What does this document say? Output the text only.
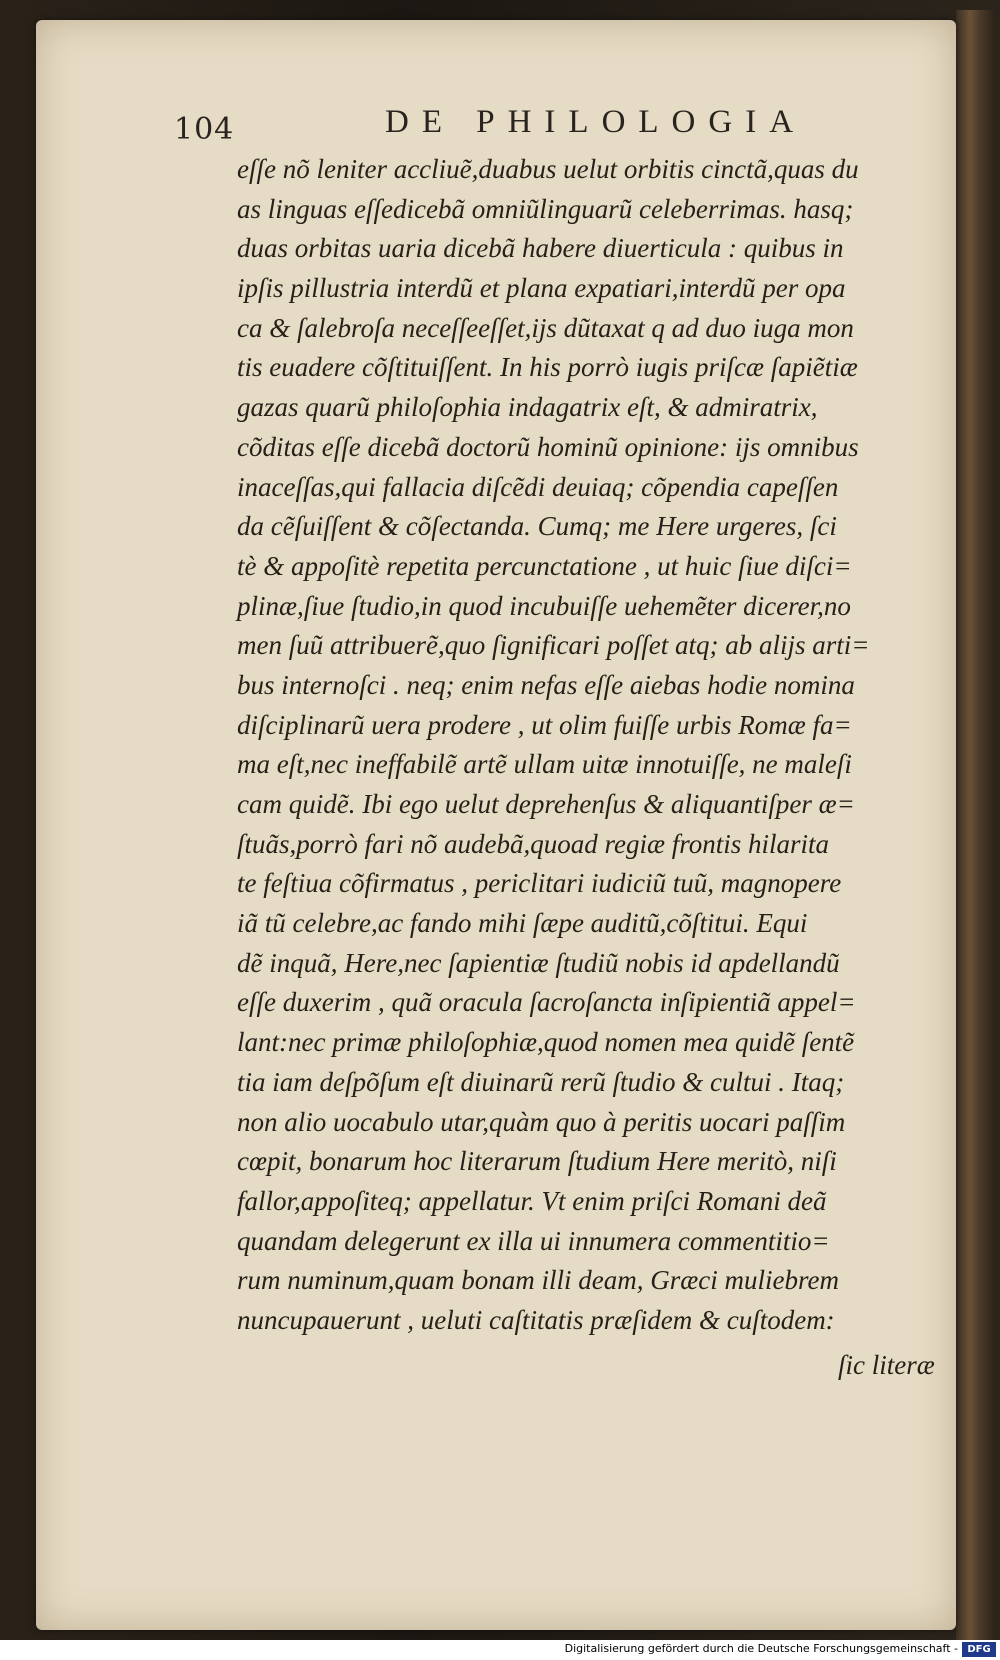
104	DE PHILOLOGIA
eſſe nõ leniter accliuẽ,duabus uelut orbitis cinctã,quas du
as linguas eſſedicebã omniũlinguarũ celeberrimas. hasq;
duas orbitas uaria dicebã habere diuerticula : quibus in
ipſis pillustria interdũ et plana expatiari,interdũ per opa
ca & ſalebroſa neceſſeeſſet,ijs dũtaxat q ad duo iuga mon
tis euadere cõſtituiſſent. In his porrò iugis priſcæ ſapiẽtiæ
gazas quarũ philoſophia indagatrix eſt, & admiratrix,
cõditas eſſe dicebã doctorũ hominũ opinione: ijs omnibus
inaceſſas,qui fallacia diſcẽdi deuiaq; cõpendia capeſſen
da cẽſuiſſent & cõſectanda. Cumq; me Here urgeres, ſci
tè & appoſitè repetita percunctatione , ut huic ſiue diſci=
plinæ,ſiue ſtudio,in quod incubuiſſe uehemẽter dicerer,no
men ſuũ attribuerẽ,quo ſignificari poſſet atq; ab alijs arti=
bus internoſci . neq; enim nefas eſſe aiebas hodie nomina
diſciplinarũ uera prodere , ut olim fuiſſe urbis Romæ fa=
ma eſt,nec ineffabilẽ artẽ ullam uitæ innotuiſſe, ne maleſi
cam quidẽ. Ibi ego uelut deprehenſus & aliquantiſper æ=
ſtuãs,porrò fari nõ audebã,quoad regiæ frontis hilarita
te feſtiua cõfirmatus , periclitari iudiciũ tuũ, magnopere
iã tũ celebre,ac fando mihi ſæpe auditũ,cõſtitui. Equi
dẽ inquã, Here,nec ſapientiæ ſtudiũ nobis id apdellandũ
eſſe duxerim , quã oracula ſacroſancta inſipientiã appel=
lant:nec primæ philoſophiæ,quod nomen mea quidẽ ſentẽ
tia iam deſpõſum eſt diuinarũ rerũ ſtudio & cultui . Itaq;
non alio uocabulo utar,quàm quo à peritis uocari paſſim
cœpit, bonarum hoc literarum ſtudium Here meritò, niſi
fallor,appoſiteq; appellatur. Vt enim priſci Romani deã
quandam delegerunt ex illa ui innumera commentitio=
rum numinum,quam bonam illi deam, Græci muliebrem
nuncupauerunt , ueluti caſtitatis præſidem & cuſtodem:
ſic literæ
Digitalisierung gefördert durch die Deutsche Forschungsgemeinschaft - DFG
